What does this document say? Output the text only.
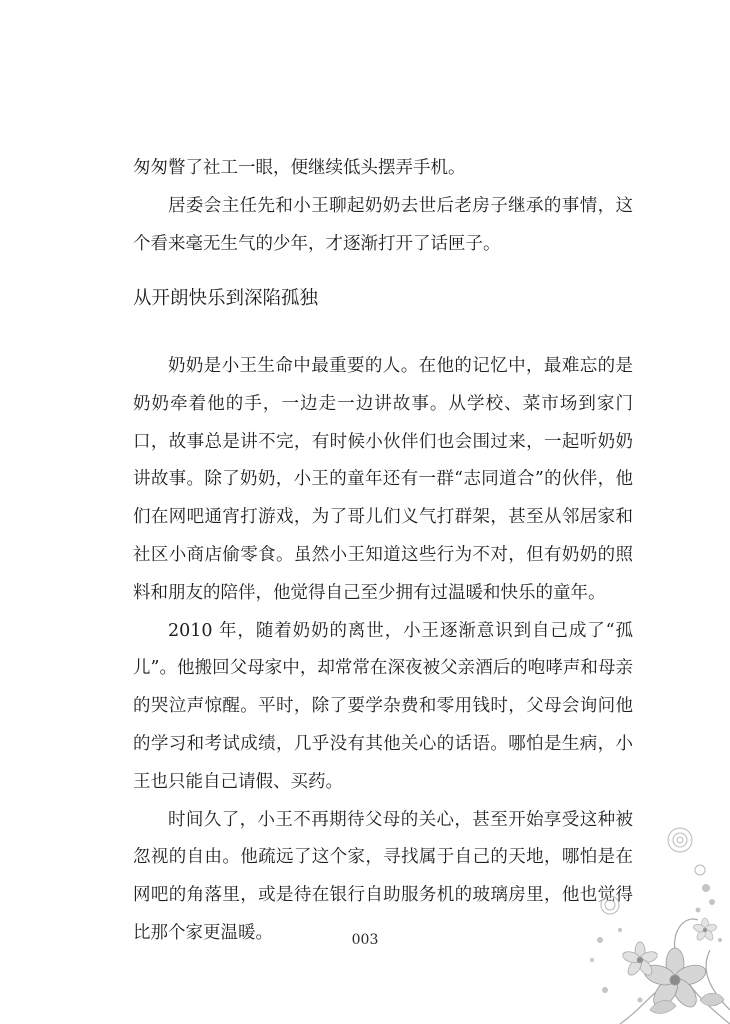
匆匆瞥了社工一眼，便继续低头摆弄手机。

居委会主任先和小王聊起奶奶去世后老房子继承的事情，这个看来毫无生气的少年，才逐渐打开了话匣子。

从开朗快乐到深陷孤独

奶奶是小王生命中最重要的人。在他的记忆中，最难忘的是奶奶牵着他的手，一边走一边讲故事。从学校、菜市场到家门口，故事总是讲不完，有时候小伙伴们也会围过来，一起听奶奶讲故事。除了奶奶，小王的童年还有一群“志同道合”的伙伴，他们在网吧通宵打游戏，为了哥儿们义气打群架，甚至从邻居家和社区小商店偷零食。虽然小王知道这些行为不对，但有奶奶的照料和朋友的陪伴，他觉得自己至少拥有过温暖和快乐的童年。

2010 年，随着奶奶的离世，小王逐渐意识到自己成了“孤儿”。他搬回父母家中，却常常在深夜被父亲酒后的咆哮声和母亲的哭泣声惊醒。平时，除了要学杂费和零用钱时，父母会询问他的学习和考试成绩，几乎没有其他关心的话语。哪怕是生病，小王也只能自己请假、买药。

时间久了，小王不再期待父母的关心，甚至开始享受这种被忽视的自由。他疏远了这个家，寻找属于自己的天地，哪怕是在网吧的角落里，或是待在银行自助服务机的玻璃房里，他也觉得比那个家更温暖。	003
